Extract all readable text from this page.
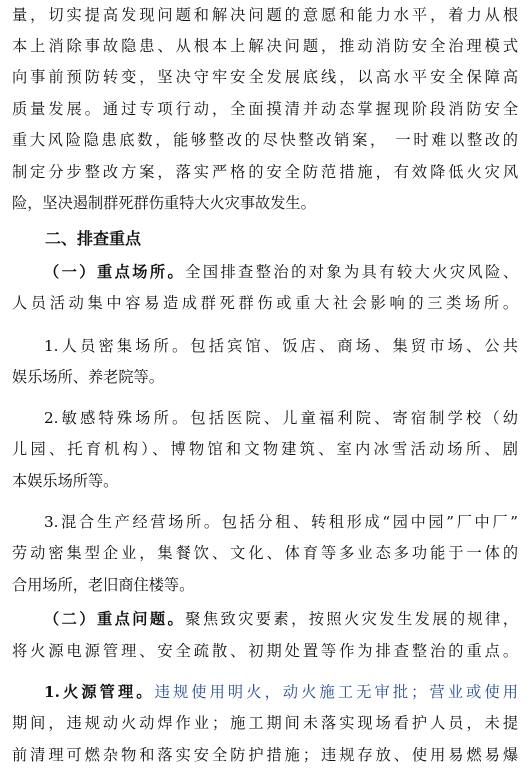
量，切实提高发现问题和解决问题的意愿和能力水平，着力从根
本上消除事故隐患、从根本上解决问题，推动消防安全治理模式
向事前预防转变，坚决守牢安全发展底线，以高水平安全保障高
质量发展。通过专项行动，全面摸清并动态掌握现阶段消防安全
重大风险隐患底数，能够整改的尽快整改销案， 一时难以整改的
制定分步整改方案，落实严格的安全防范措施，有效降低火灾风
险，坚决遏制群死群伤重特大火灾事故发生。
二、排查重点
（一）重点场所。全国排查整治的对象为具有较大火灾风险、
人员活动集中容易造成群死群伤或重大社会影响的三类场所。
1.人员密集场所。包括宾馆、饭店、商场、集贸市场、公共
娱乐场所、养老院等。
2.敏感特殊场所。包括医院、儿童福利院、寄宿制学校（幼
儿园、托育机构）、博物馆和文物建筑、室内冰雪活动场所、剧
本娱乐场所等。
3.混合生产经营场所。包括分租、转租形成“园中园”厂中厂”
劳动密集型企业，集餐饮、文化、体育等多业态多功能于一体的
合用场所，老旧商住楼等。
（二）重点问题。聚焦致灾要素，按照火灾发生发展的规律，
将火源电源管理、安全疏散、初期处置等作为排查整治的重点。
1.火源管理。违规使用明火，动火施工无审批；营业或使用
期间，违规动火动焊作业；施工期间未落实现场看护人员，未提
前清理可燃杂物和落实安全防护措施；违规存放、使用易燃易爆
